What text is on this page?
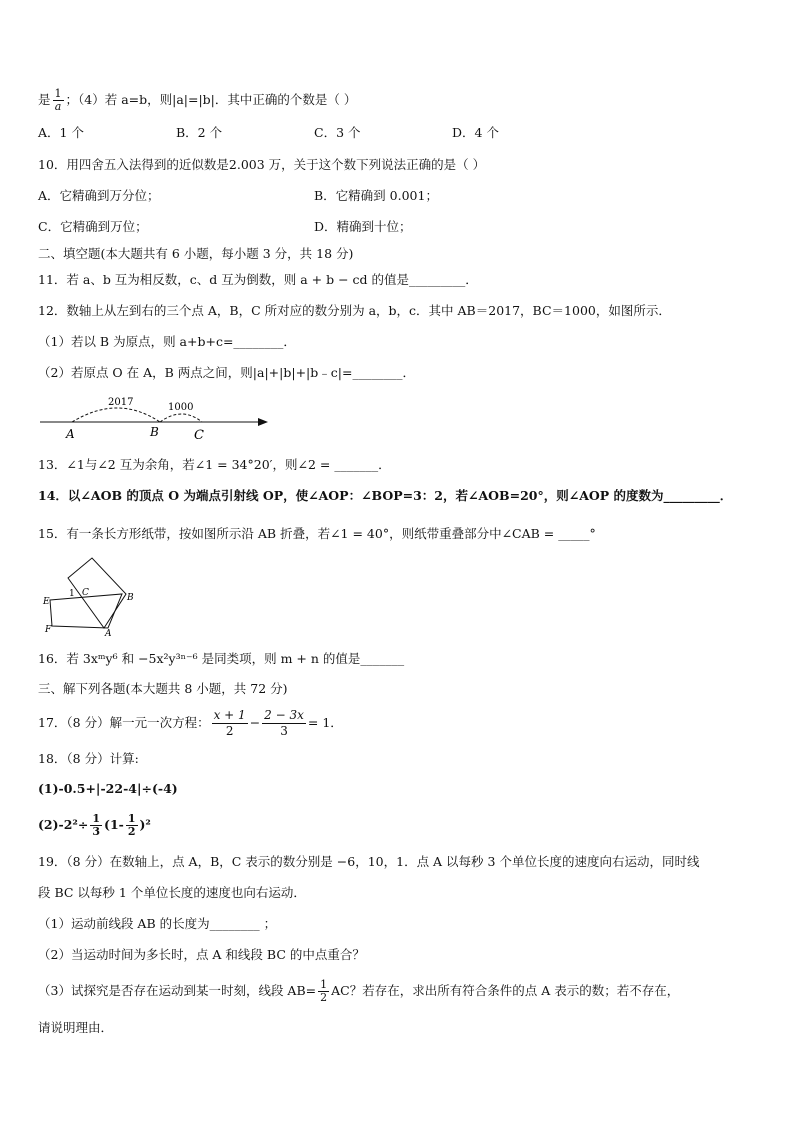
是 $\frac{1}{a}$ ；（4）若 a=b，则|a|=|b|．其中正确的个数是（ ）
A．1 个	B．2 个	C．3 个	D．4 个
10．用四舍五入法得到的近似数是2.003 万，关于这个数下列说法正确的是（ ）
A．它精确到万分位；	B．它精确到 0.001；
C．它精确到万位；	D．精确到十位；
二、填空题(本大题共有 6 小题，每小题 3 分，共 18 分)
11．若 a、b 互为相反数，c、d 互为倒数，则 a + b − cd 的值是_________．
12．数轴上从左到右的三个点 A，B，C 所对应的数分别为 a，b，c．其中 AB＝2017，BC＝1000，如图所示．
（1）若以 B 为原点，则 a+b+c=________．
（2）若原点 O 在 A，B 两点之间，则|a|+|b|+|b﹣c|=________．
2017	1000
A	B	C
13．∠1与∠2 互为余角，若∠1 = 34°20′，则∠2 = _______．
14．以∠AOB 的顶点 O 为端点引射线 OP，使∠AOP：∠BOP=3：2，若∠AOB=20°，则∠AOP 的度数为_________．
15．有一条长方形纸带，按如图所示沿 AB 折叠，若∠1 = 40°，则纸带重叠部分中∠CAB = _____°
E
F
1 C	B
A
16．若 3xᵐy⁶ 和 −5x²y³ⁿ⁻⁶ 是同类项，则 m + n 的值是_______
三、解下列各题(本大题共 8 小题，共 72 分)
17．（8 分）解一元一次方程： $\frac{x + 1}{2} - \frac{2 - 3x}{3} = 1$．
18．（8 分）计算:
(1)-0.5+|-22-4|÷(-4)
$(2)-2^2\div \frac{1}{3} (1- \frac{1}{2} )^2$
19．（8 分）在数轴上，点 A，B，C 表示的数分别是 −6，10，1．点 A 以每秒 3 个单位长度的速度向右运动，同时线
段 BC 以每秒 1 个单位长度的速度也向右运动．
（1）运动前线段 AB 的长度为________ ；
（2）当运动时间为多长时，点 A 和线段 BC 的中点重合？
（3）试探究是否存在运动到某一时刻，线段 $AB= \frac{1}{2}$ AC？若存在，求出所有符合条件的点 A 表示的数；若不存在，
请说明理由．
